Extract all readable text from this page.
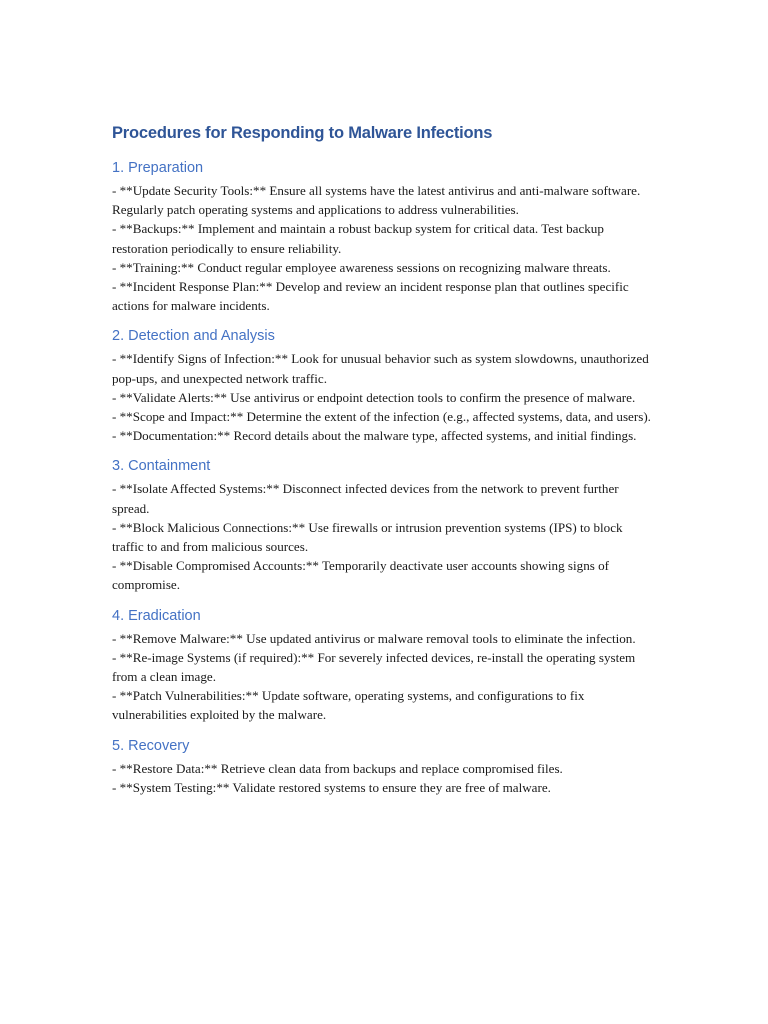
Procedures for Responding to Malware Infections
1. Preparation
- **Update Security Tools:** Ensure all systems have the latest antivirus and anti-malware software. Regularly patch operating systems and applications to address vulnerabilities.
- **Backups:** Implement and maintain a robust backup system for critical data. Test backup restoration periodically to ensure reliability.
- **Training:** Conduct regular employee awareness sessions on recognizing malware threats.
- **Incident Response Plan:** Develop and review an incident response plan that outlines specific actions for malware incidents.
2. Detection and Analysis
- **Identify Signs of Infection:** Look for unusual behavior such as system slowdowns, unauthorized pop-ups, and unexpected network traffic.
- **Validate Alerts:** Use antivirus or endpoint detection tools to confirm the presence of malware.
- **Scope and Impact:** Determine the extent of the infection (e.g., affected systems, data, and users).
- **Documentation:** Record details about the malware type, affected systems, and initial findings.
3. Containment
- **Isolate Affected Systems:** Disconnect infected devices from the network to prevent further spread.
- **Block Malicious Connections:** Use firewalls or intrusion prevention systems (IPS) to block traffic to and from malicious sources.
- **Disable Compromised Accounts:** Temporarily deactivate user accounts showing signs of compromise.
4. Eradication
- **Remove Malware:** Use updated antivirus or malware removal tools to eliminate the infection.
- **Re-image Systems (if required):** For severely infected devices, re-install the operating system from a clean image.
- **Patch Vulnerabilities:** Update software, operating systems, and configurations to fix vulnerabilities exploited by the malware.
5. Recovery
- **Restore Data:** Retrieve clean data from backups and replace compromised files.
- **System Testing:** Validate restored systems to ensure they are free of malware.
